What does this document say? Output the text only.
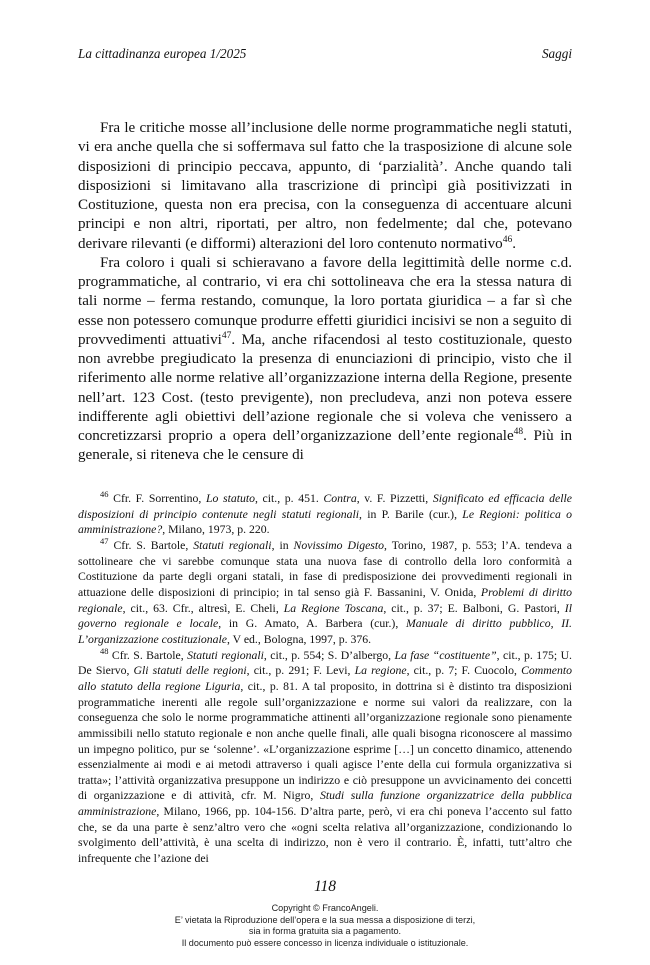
La cittadinanza europea 1/2025	Saggi

Fra le critiche mosse all’inclusione delle norme programmatiche negli statuti, vi era anche quella che si soffermava sul fatto che la trasposizione di alcune sole disposizioni di principio peccava, appunto, di ‘parzialità’. Anche quando tali disposizioni si limitavano alla trascrizione di princìpi già positivizzati in Costituzione, questa non era precisa, con la conseguenza di accentuare alcuni principi e non altri, riportati, per altro, non fedelmente; dal che, potevano derivare rilevanti (e difformi) alterazioni del loro contenuto normativo$^{46}$.

Fra coloro i quali si schieravano a favore della legittimità delle norme c.d. programmatiche, al contrario, vi era chi sottolineava che era la stessa natura di tali norme – ferma restando, comunque, la loro portata giuridica – a far sì che esse non potessero comunque produrre effetti giuridici incisivi se non a seguito di provvedimenti attuativi$^{47}$. Ma, anche rifacendosi al testo costituzionale, questo non avrebbe pregiudicato la presenza di enunciazioni di principio, visto che il riferimento alle norme relative all’organizzazione interna della Regione, presente nell’art. 123 Cost. (testo previgente), non precludeva, anzi non poteva essere indifferente agli obiettivi dell’azione regionale che si voleva che venissero a concretizzarsi proprio a opera dell’organizzazione dell’ente regionale$^{48}$. Più in generale, si riteneva che le censure di

$^{46}$ Cfr. F. Sorrentino, Lo statuto, cit., p. 451. Contra, v. F. Pizzetti, Significato ed efficacia delle disposizioni di principio contenute negli statuti regionali, in P. Barile (cur.), Le Regioni: politica o amministrazione?, Milano, 1973, p. 220.

$^{47}$ Cfr. S. Bartole, Statuti regionali, in Novissimo Digesto, Torino, 1987, p. 553; l’A. tendeva a sottolineare che vi sarebbe comunque stata una nuova fase di controllo della loro conformità a Costituzione da parte degli organi statali, in fase di predisposizione dei provvedimenti regionali in attuazione delle disposizioni di principio; in tal senso già F. Bassanini, V. Onida, Problemi di diritto regionale, cit., 63. Cfr., altresì, E. Cheli, La Regione Toscana, cit., p. 37; E. Balboni, G. Pastori, Il governo regionale e locale, in G. Amato, A. Barbera (cur.), Manuale di diritto pubblico, II. L’organizzazione costituzionale, V ed., Bologna, 1997, p. 376.

$^{48}$ Cfr. S. Bartole, Statuti regionali, cit., p. 554; S. D’albergo, La fase “costituente”, cit., p. 175; U. De Siervo, Gli statuti delle regioni, cit., p. 291; F. Levi, La regione, cit., p. 7; F. Cuocolo, Commento allo statuto della regione Liguria, cit., p. 81. A tal proposito, in dottrina si è distinto tra disposizioni programmatiche inerenti alle regole sull’organizzazione e norme sui valori da realizzare, con la conseguenza che solo le norme programmatiche attinenti all’organizzazione regionale sono pienamente ammissibili nello statuto regionale e non anche quelle finali, alle quali bisogna riconoscere al massimo un impegno politico, pur se ‘solenne’. «L’organizzazione esprime […] un concetto dinamico, attenendo essenzialmente ai modi e ai metodi attraverso i quali agisce l’ente della cui formula organizzativa si tratta»; l’attività organizzativa presuppone un indirizzo e ciò presuppone un avvicinamento dei concetti di organizzazione e di attività, cfr. M. Nigro, Studi sulla funzione organizzatrice della pubblica amministrazione, Milano, 1966, pp. 104-156. D’altra parte, però, vi era chi poneva l’accento sul fatto che, se da una parte è senz’altro vero che «ogni scelta relativa all’organizzazione, condizionando lo svolgimento dell’attività, è una scelta di indirizzo, non è vero il contrario. È, infatti, tutt’altro che infrequente che l’azione dei

118
Copyright © FrancoAngeli.
E’ vietata la Riproduzione dell’opera e la sua messa a disposizione di terzi,
sia in forma gratuita sia a pagamento.
Il documento può essere concesso in licenza individuale o istituzionale.
